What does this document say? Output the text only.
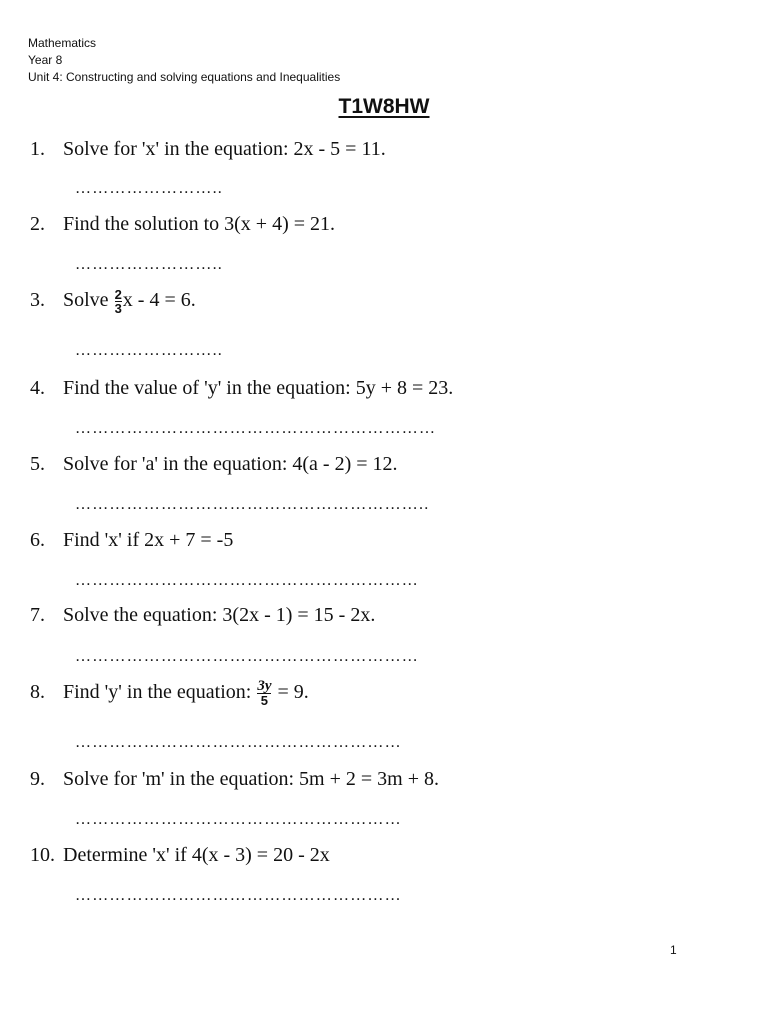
Mathematics
Year 8
Unit 4: Constructing and solving equations and Inequalities
T1W8HW
1. Solve for 'x' in the equation: 2x - 5 = 11.
……………………..
2. Find the solution to 3(x + 4) = 21.
……………………..
3. Solve $\frac{2}{3}$ x - 4 = 6.
……………………..
4. Find the value of 'y' in the equation: 5y + 8 = 23.
………………………………………………………
5. Solve for 'a' in the equation: 4(a - 2) = 12.
……………………………………………………..
6. Find 'x' if 2x + 7 = -5
……………………………………………………
7. Solve the equation: 3(2x - 1) = 15 - 2x.
……………………………………………………
8. Find 'y' in the equation: $\frac{3y}{5} = 9$.
…………………………………………………
9. Solve for 'm' in the equation: 5m + 2 = 3m + 8.
…………………………………………………
10. Determine 'x' if 4(x - 3) = 20 - 2x
…………………………………………………
1
